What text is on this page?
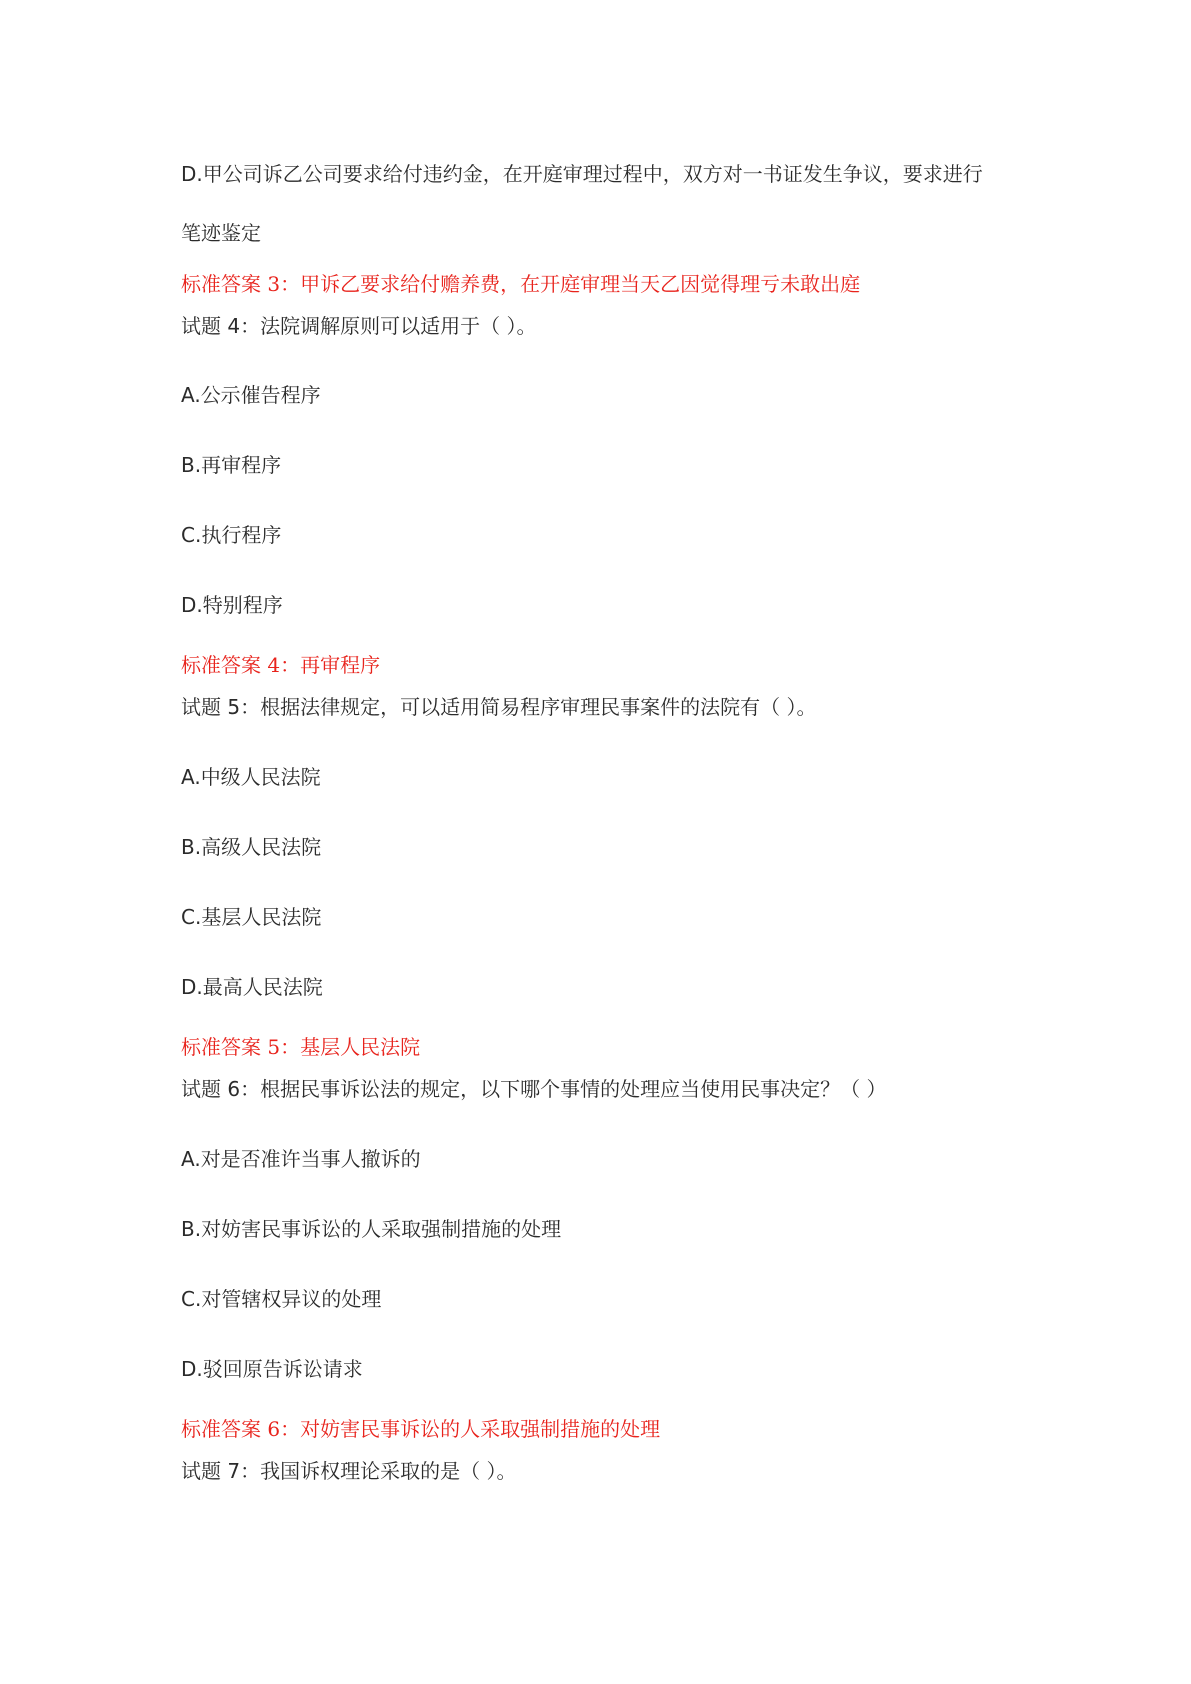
D.甲公司诉乙公司要求给付违约金，在开庭审理过程中，双方对一书证发生争议，要求进行
笔迹鉴定
标准答案 3：甲诉乙要求给付赡养费，在开庭审理当天乙因觉得理亏未敢出庭
试题 4：法院调解原则可以适用于（ ）。
A.公示催告程序
B.再审程序
C.执行程序
D.特别程序
标准答案 4：再审程序
试题 5：根据法律规定，可以适用简易程序审理民事案件的法院有（ ）。
A.中级人民法院
B.高级人民法院
C.基层人民法院
D.最高人民法院
标准答案 5：基层人民法院
试题 6：根据民事诉讼法的规定，以下哪个事情的处理应当使用民事决定？（ ）
A.对是否准许当事人撤诉的
B.对妨害民事诉讼的人采取强制措施的处理
C.对管辖权异议的处理
D.驳回原告诉讼请求
标准答案 6：对妨害民事诉讼的人采取强制措施的处理
试题 7：我国诉权理论采取的是（ ）。
